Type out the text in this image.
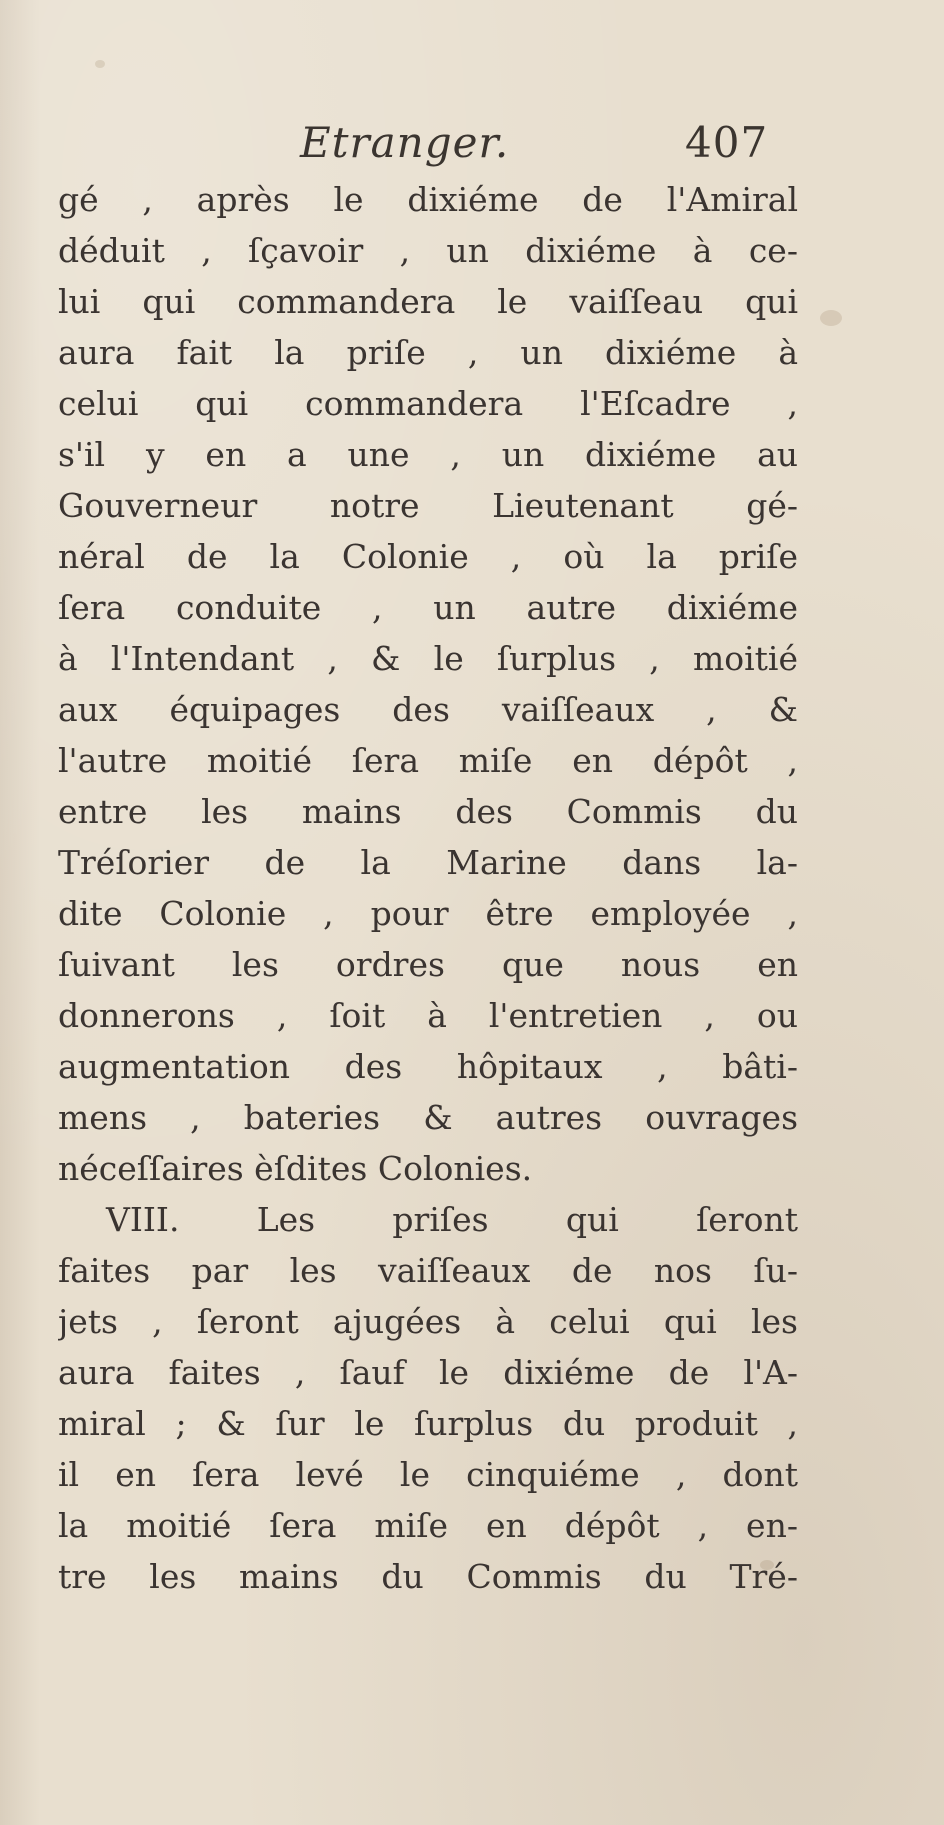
Etranger.	407
gé , après le dixiéme de l'Amiral
déduit , ſçavoir , un dixiéme à ce-
lui qui commandera le vaiſſeau qui
aura fait la priſe , un dixiéme à
celui qui commandera l'Eſcadre ,
s'il y en a une , un dixiéme au
Gouverneur notre Lieutenant gé-
néral de la Colonie , où la priſe
ſera conduite , un autre dixiéme
à l'Intendant , & le ſurplus , moitié
aux équipages des vaiſſeaux , &
l'autre moitié ſera miſe en dépôt ,
entre les mains des Commis du
Tréſorier de la Marine dans la-
dite Colonie , pour être employée ,
ſuivant les ordres que nous en
donnerons , ſoit à l'entretien , ou
augmentation des hôpitaux , bâti-
mens , bateries & autres ouvrages
néceſſaires èſdites Colonies.
VIII. Les priſes qui ſeront
faites par les vaiſſeaux de nos ſu-
jets , ſeront ajugées à celui qui les
aura faites , ſauf le dixiéme de l'A-
miral ; & ſur le ſurplus du produit ,
il en ſera levé le cinquiéme , dont
la moitié ſera miſe en dépôt , en-
tre les mains du Commis du Tré-
